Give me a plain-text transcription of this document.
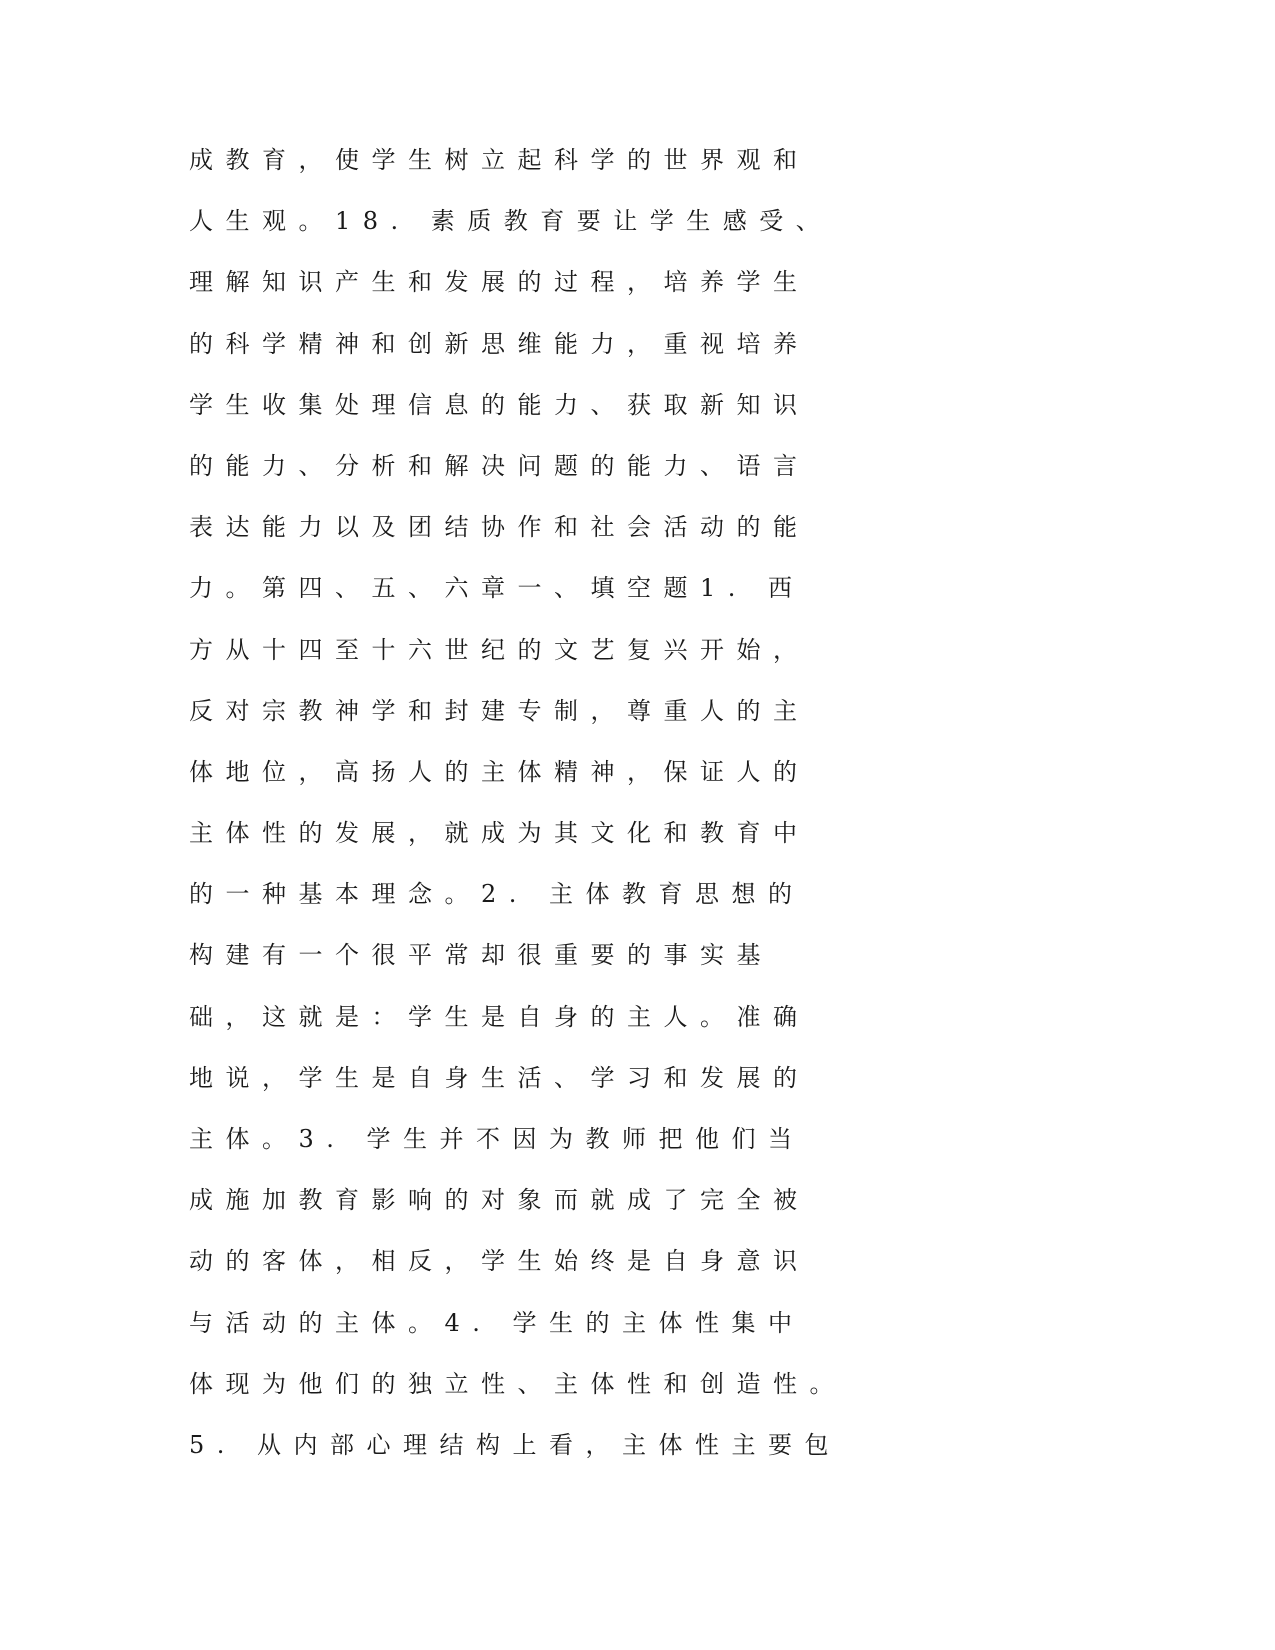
成教育，使学生树立起科学的世界观和
人生观。18. 素质教育要让学生感受、
理解知识产生和发展的过程，培养学生
的科学精神和创新思维能力，重视培养
学生收集处理信息的能力、获取新知识
的能力、分析和解决问题的能力、语言
表达能力以及团结协作和社会活动的能
力。第四、五、六章一、填空题1. 西
方从十四至十六世纪的文艺复兴开始，
反对宗教神学和封建专制，尊重人的主
体地位，高扬人的主体精神，保证人的
主体性的发展，就成为其文化和教育中
的一种基本理念。2. 主体教育思想的
构建有一个很平常却很重要的事实基
础，这就是：学生是自身的主人。准确
地说，学生是自身生活、学习和发展的
主体。3. 学生并不因为教师把他们当
成施加教育影响的对象而就成了完全被
动的客体，相反，学生始终是自身意识
与活动的主体。4. 学生的主体性集中
体现为他们的独立性、主体性和创造性。
5. 从内部心理结构上看，主体性主要包
